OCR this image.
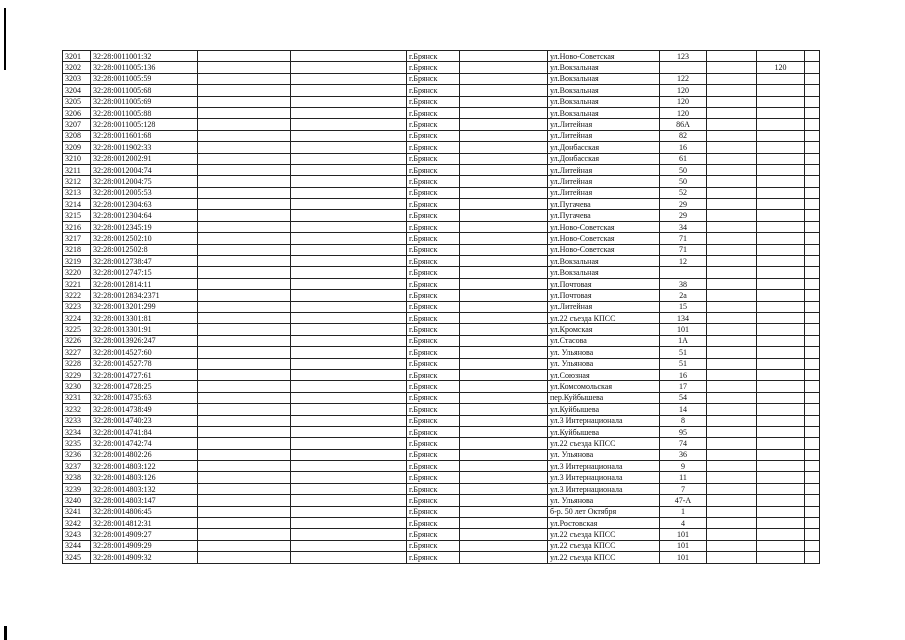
3201	32:28:0011001:32			г.Брянск		ул.Ново-Советская	123			
3202	32:28:0011005:136			г.Брянск		ул.Вокзальная			120	
3203	32:28:0011005:59			г.Брянск		ул.Вокзальная	122			
3204	32:28:0011005:68			г.Брянск		ул.Вокзальная	120			
3205	32:28:0011005:69			г.Брянск		ул.Вокзальная	120			
3206	32:28:0011005:88			г.Брянск		ул.Вокзальная	120			
3207	32:28:0011005:128			г.Брянск		ул.Литейная	86А			
3208	32:28:0011601:68			г.Брянск		ул.Литейная	82			
3209	32:28:0011902:33			г.Брянск		ул.Донбасская	16			
3210	32:28:0012002:91			г.Брянск		ул.Донбасская	61			
3211	32:28:0012004:74			г.Брянск		ул.Литейная	50			
3212	32:28:0012004:75			г.Брянск		ул.Литейная	50			
3213	32:28:0012005:53			г.Брянск		ул.Литейная	52			
3214	32:28:0012304:63			г.Брянск		ул.Пугачева	29			
3215	32:28:0012304:64			г.Брянск		ул.Пугачева	29			
3216	32:28:0012345:19			г.Брянск		ул.Ново-Советская	34			
3217	32:28:0012502:10			г.Брянск		ул.Ново-Советская	71			
3218	32:28:0012502:8			г.Брянск		ул.Ново-Советская	71			
3219	32:28:0012738:47			г.Брянск		ул.Вокзальная	12			
3220	32:28:0012747:15			г.Брянск		ул.Вокзальная				
3221	32:28:0012814:11			г.Брянск		ул.Почтовая	38			
3222	32:28:0012834:2371			г.Брянск		ул.Почтовая	2а			
3223	32:28:0013201:299			г.Брянск		ул.Литейная	15			
3224	32:28:0013301:81			г.Брянск		ул.22 съезда КПСС	134			
3225	32:28:0013301:91			г.Брянск		ул.Кромская	101			
3226	32:28:0013926:247			г.Брянск		ул.Стасова	1А			
3227	32:28:0014527:60			г.Брянск		ул. Ульянова	51			
3228	32:28:0014527:78			г.Брянск		ул. Ульянова	51			
3229	32:28:0014727:61			г.Брянск		ул.Союзная	16			
3230	32:28:0014728:25			г.Брянск		ул.Комсомольская	17			
3231	32:28:0014735:63			г.Брянск		пер.Куйбышева	54			
3232	32:28:0014738:49			г.Брянск		ул.Куйбышева	14			
3233	32:28:0014740:23			г.Брянск		ул.3 Интернационала	8			
3234	32:28:0014741:84			г.Брянск		ул.Куйбышева	95			
3235	32:28:0014742:74			г.Брянск		ул.22 съезда КПСС	74			
3236	32:28:0014802:26			г.Брянск		ул. Ульянова	36			
3237	32:28:0014803:122			г.Брянск		ул.3 Интернационала	9			
3238	32:28:0014803:126			г.Брянск		ул.3 Интернационала	11			
3239	32:28:0014803:132			г.Брянск		ул.3 Интернационала	7			
3240	32:28:0014803:147			г.Брянск		ул. Ульянова	47-А			
3241	32:28:0014806:45			г.Брянск		б-р. 50 лет Октября	1			
3242	32:28:0014812:31			г.Брянск		ул.Ростовская	4			
3243	32:28:0014909:27			г.Брянск		ул.22 съезда КПСС	101			
3244	32:28:0014909:29			г.Брянск		ул.22 съезда КПСС	101			
3245	32:28:0014909:32			г.Брянск		ул.22 съезда КПСС	101			
